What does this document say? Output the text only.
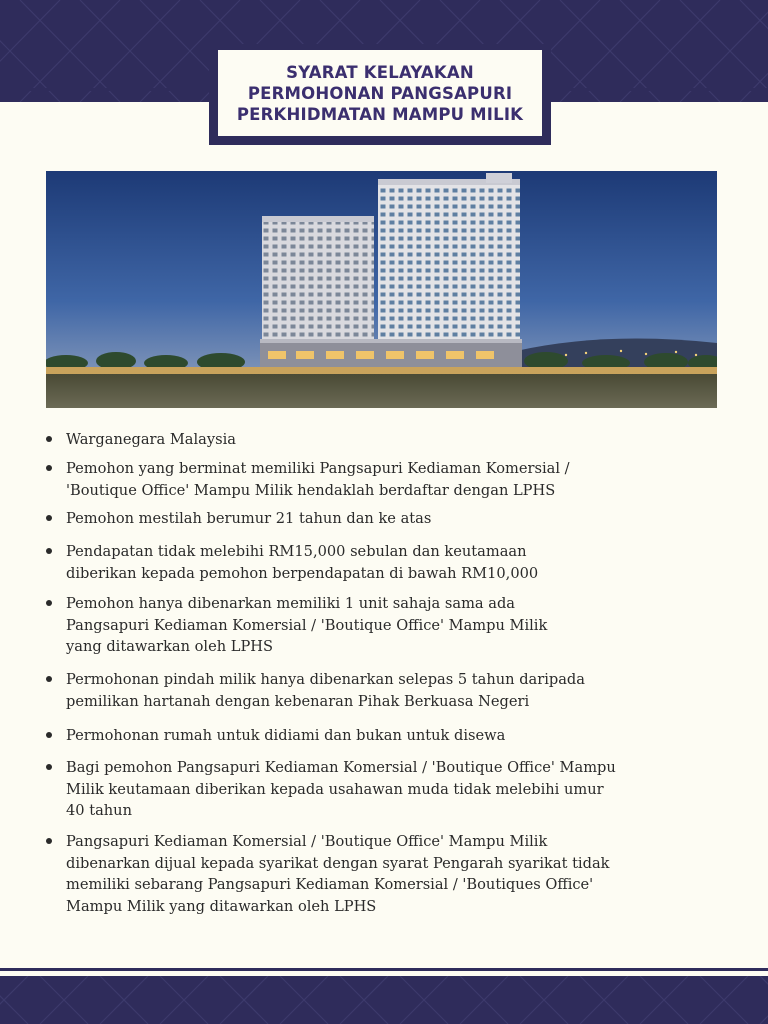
SYARAT KELAYAKAN
PERMOHONAN PANGSAPURI
PERKHIDMATAN MAMPU MILIK
Warganegara Malaysia
Pemohon yang berminat memiliki Pangsapuri Kediaman Komersial /
'Boutique Office' Mampu Milik hendaklah berdaftar dengan LPHS
Pemohon mestilah berumur 21 tahun dan ke atas
Pendapatan tidak melebihi RM15,000 sebulan dan keutamaan
diberikan kepada pemohon berpendapatan di bawah RM10,000
Pemohon hanya dibenarkan memiliki 1 unit sahaja sama ada
Pangsapuri Kediaman Komersial / 'Boutique Office' Mampu Milik
yang ditawarkan oleh LPHS
Permohonan pindah milik hanya dibenarkan selepas 5 tahun daripada
pemilikan hartanah dengan kebenaran Pihak Berkuasa Negeri
Permohonan rumah untuk didiami dan bukan untuk disewa
Bagi pemohon Pangsapuri Kediaman Komersial / 'Boutique Office' Mampu
Milik keutamaan diberikan kepada usahawan muda tidak melebihi umur
40 tahun
Pangsapuri Kediaman Komersial / 'Boutique Office' Mampu Milik
dibenarkan dijual kepada syarikat dengan syarat Pengarah syarikat tidak
memiliki sebarang Pangsapuri Kediaman Komersial / 'Boutiques Office'
Mampu Milik yang ditawarkan oleh LPHS
